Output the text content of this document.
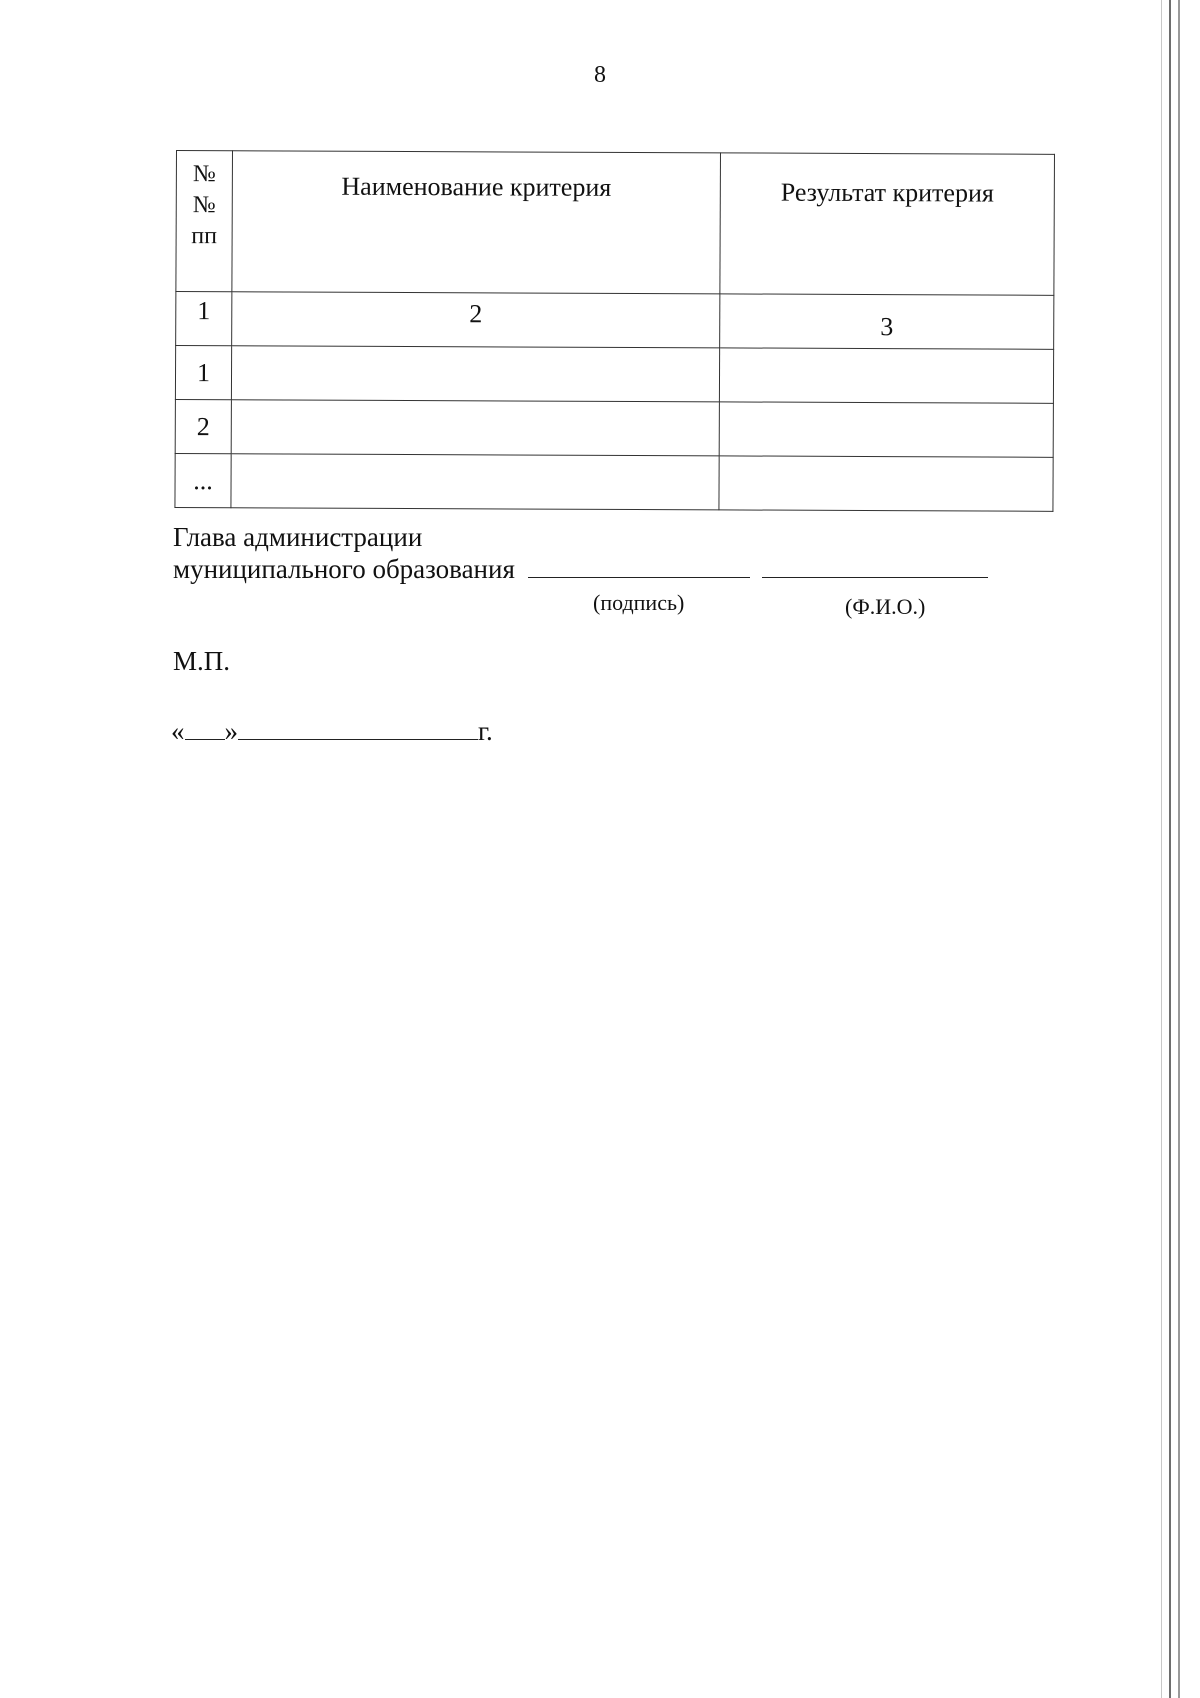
8
№
№
пп	Наименование критерия	Результат критерия
1	2	3
1		
2		
...		
Глава администрации
муниципального образования
(подпись)	(Ф.И.О.)
М.П.
« »	г.
